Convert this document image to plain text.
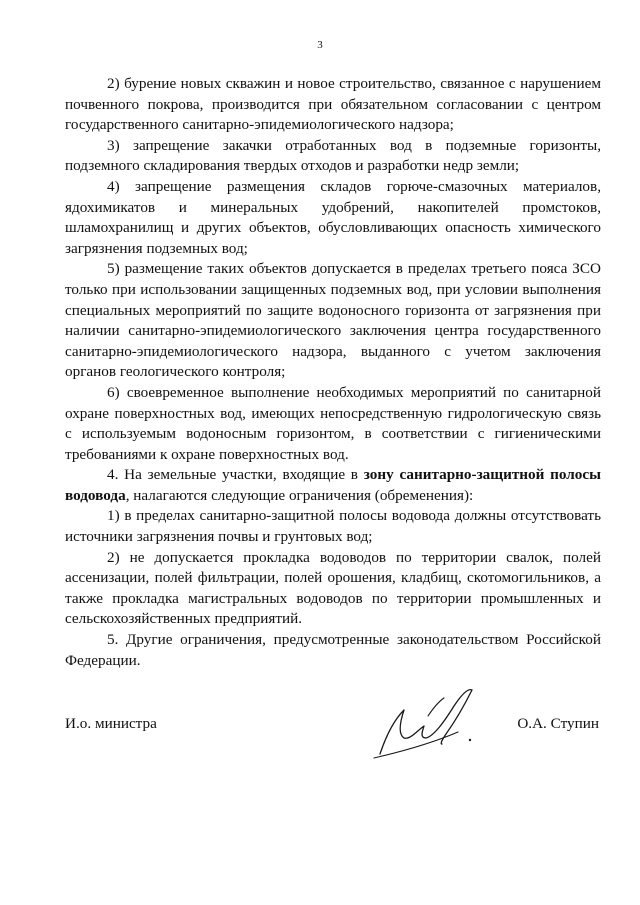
3

2) бурение новых скважин и новое строительство, связанное с нарушением почвенного покрова, производится при обязательном согласовании с центром государственного санитарно-эпидемиологического надзора;

3) запрещение закачки отработанных вод в подземные горизонты, подземного складирования твердых отходов и разработки недр земли;

4) запрещение размещения складов горюче-смазочных материалов, ядохимикатов и минеральных удобрений, накопителей промстоков, шламохранилищ и других объектов, обусловливающих опасность химического загрязнения подземных вод;

5) размещение таких объектов допускается в пределах третьего пояса ЗСО только при использовании защищенных подземных вод, при условии выполнения специальных мероприятий по защите водоносного горизонта от загрязнения при наличии санитарно-эпидемиологического заключения центра государственного санитарно-эпидемиологического надзора, выданного с учетом заключения органов геологического контроля;

6) своевременное выполнение необходимых мероприятий по санитарной охране поверхностных вод, имеющих непосредственную гидрологическую связь с используемым водоносным горизонтом, в соответствии с гигиеническими требованиями к охране поверхностных вод.

4. На земельные участки, входящие в зону санитарно-защитной полосы водовода, налагаются следующие ограничения (обременения):

1) в пределах санитарно-защитной полосы водовода должны отсутствовать источники загрязнения почвы и грунтовых вод;

2) не допускается прокладка водоводов по территории свалок, полей ассенизации, полей фильтрации, полей орошения, кладбищ, скотомогильников, а также прокладка магистральных водоводов по территории промышленных и сельскохозяйственных предприятий.

5. Другие ограничения, предусмотренные законодательством Российской Федерации.

И.о. министра	О.А. Ступин
